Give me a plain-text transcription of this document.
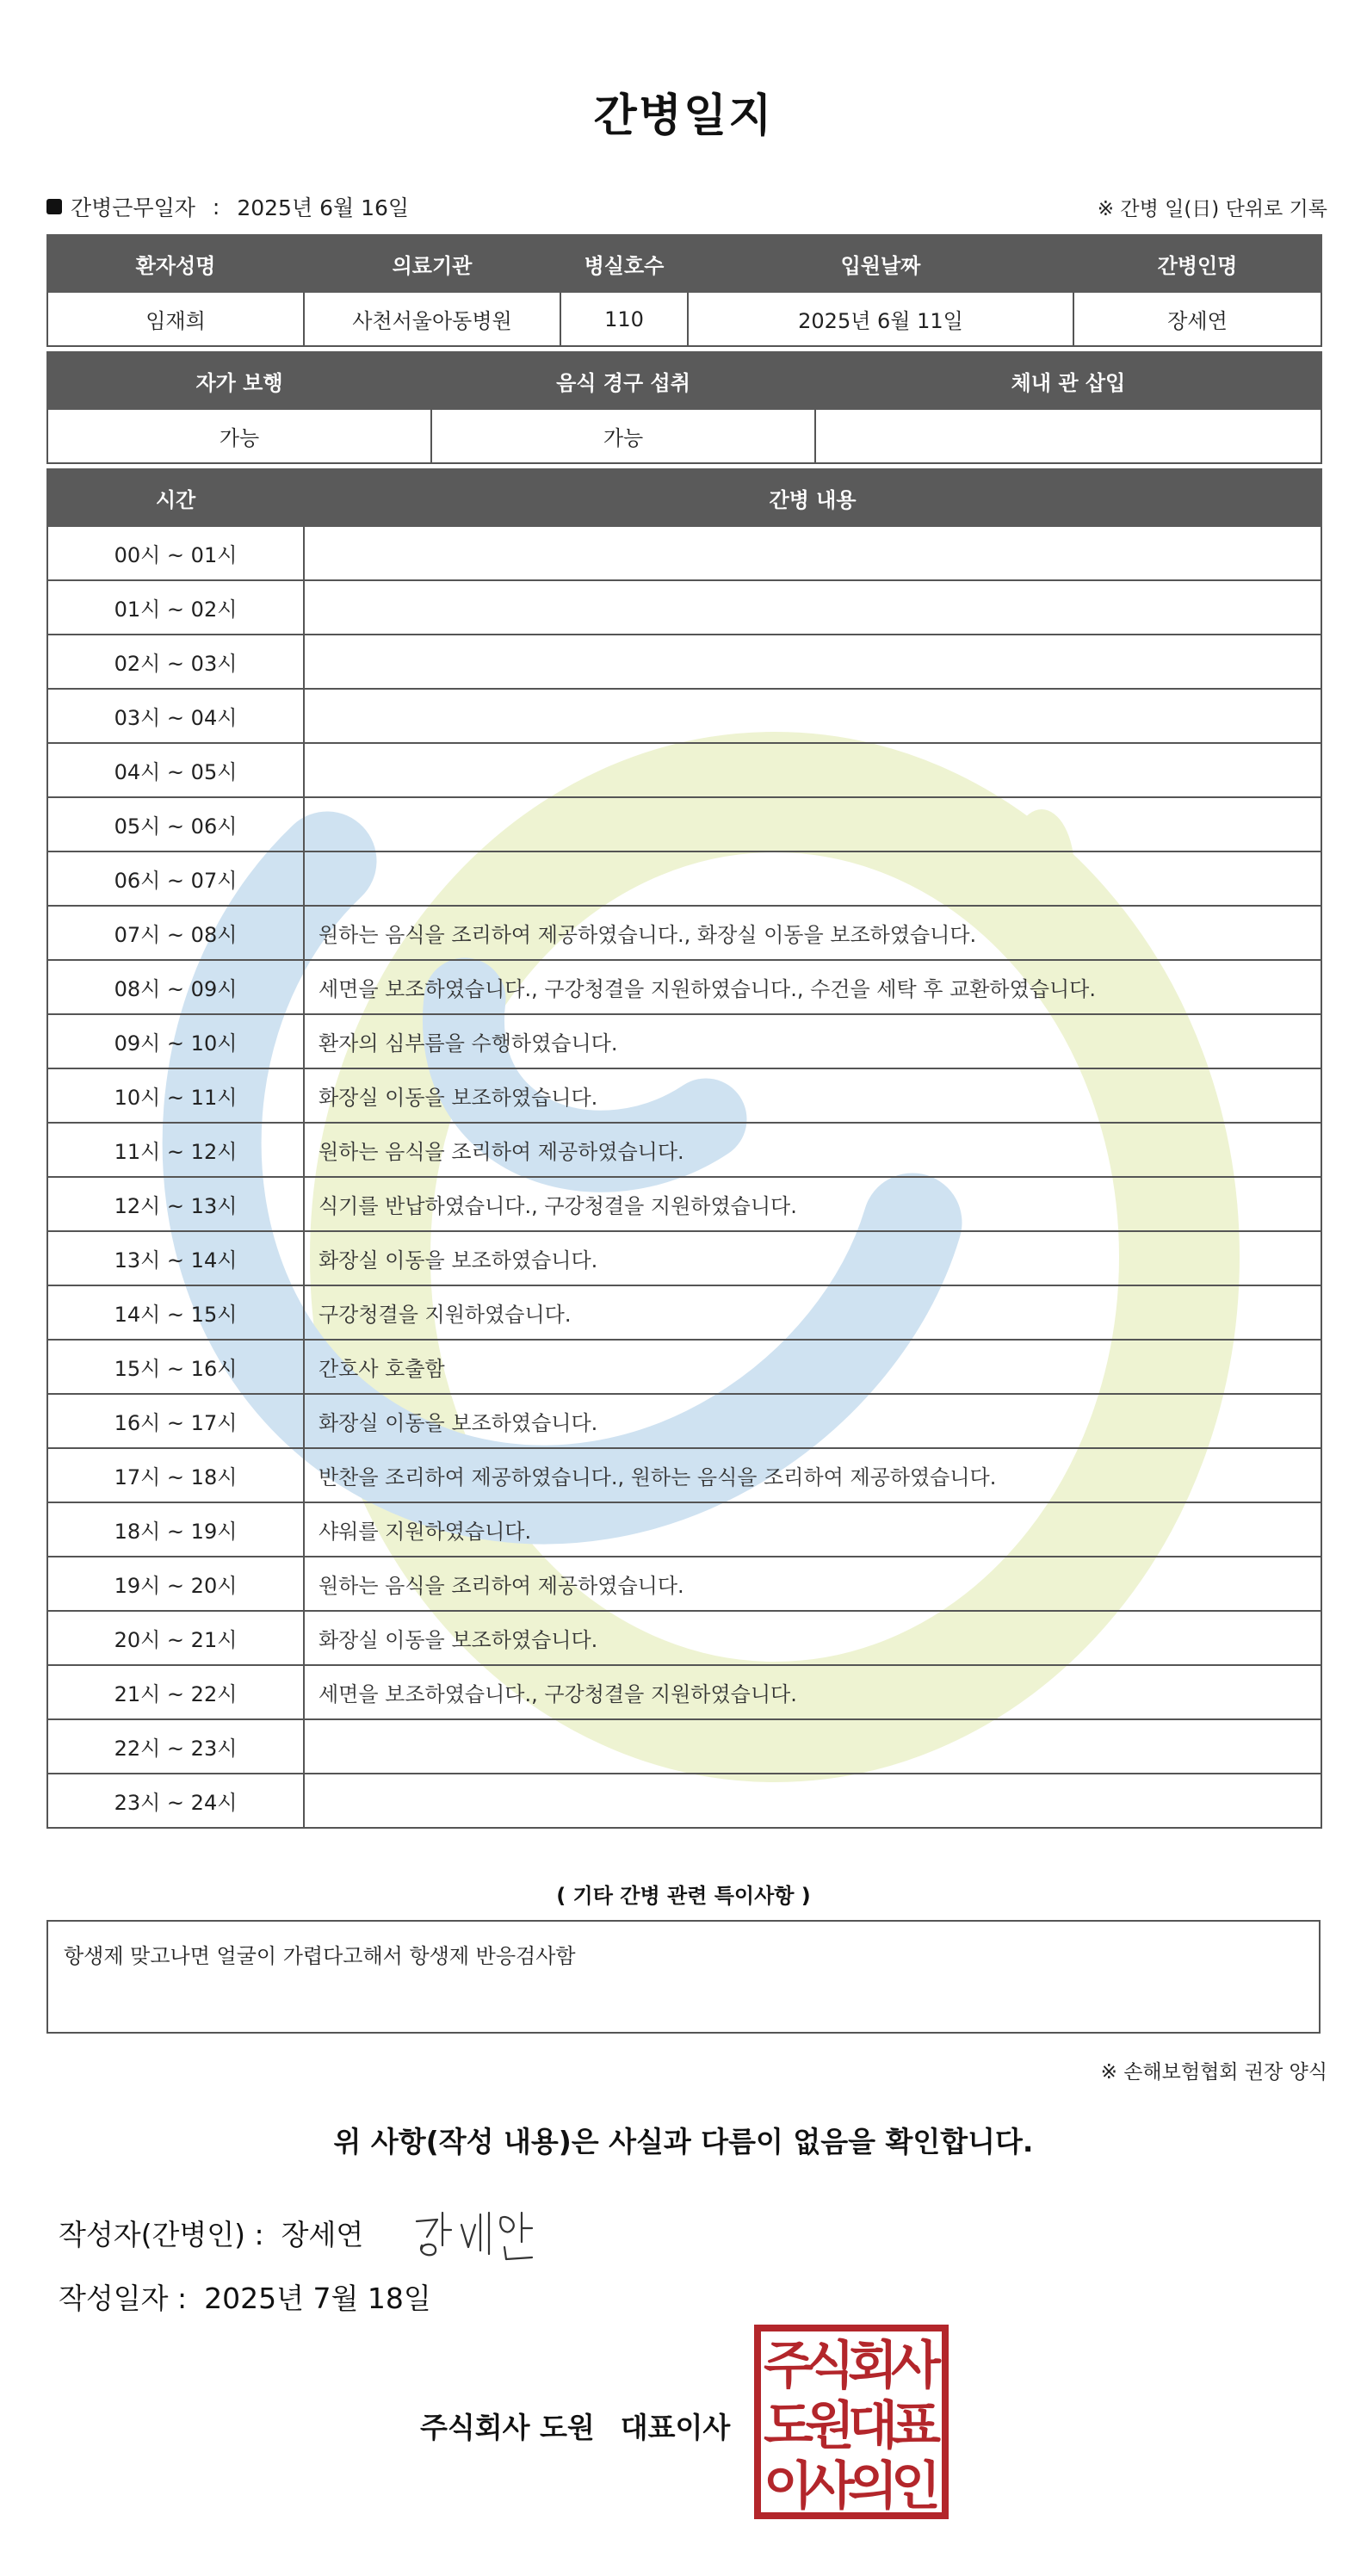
간병일지
간병근무일자 : 2025년 6월 16일	※ 간병 일(日) 단위로 기록
환자성명	의료기관	병실호수	입원날짜	간병인명
임재희	사천서울아동병원	110	2025년 6월 11일	장세연
자가 보행	음식 경구 섭취	체내 관 삽입
가능	가능	
시간	간병 내용
00시 ~ 01시	
01시 ~ 02시	
02시 ~ 03시	
03시 ~ 04시	
04시 ~ 05시	
05시 ~ 06시	
06시 ~ 07시	
07시 ~ 08시	원하는 음식을 조리하여 제공하였습니다., 화장실 이동을 보조하였습니다.
08시 ~ 09시	세면을 보조하였습니다., 구강청결을 지원하였습니다., 수건을 세탁 후 교환하였습니다.
09시 ~ 10시	환자의 심부름을 수행하였습니다.
10시 ~ 11시	화장실 이동을 보조하였습니다.
11시 ~ 12시	원하는 음식을 조리하여 제공하였습니다.
12시 ~ 13시	식기를 반납하였습니다., 구강청결을 지원하였습니다.
13시 ~ 14시	화장실 이동을 보조하였습니다.
14시 ~ 15시	구강청결을 지원하였습니다.
15시 ~ 16시	간호사 호출함
16시 ~ 17시	화장실 이동을 보조하였습니다.
17시 ~ 18시	반찬을 조리하여 제공하였습니다., 원하는 음식을 조리하여 제공하였습니다.
18시 ~ 19시	샤워를 지원하였습니다.
19시 ~ 20시	원하는 음식을 조리하여 제공하였습니다.
20시 ~ 21시	화장실 이동을 보조하였습니다.
21시 ~ 22시	세면을 보조하였습니다., 구강청결을 지원하였습니다.
22시 ~ 23시	
23시 ~ 24시	
( 기타 간병 관련 특이사항 )
항생제 맞고나면 얼굴이 가렵다고해서 항생제 반응검사함
※ 손해보험협회 권장 양식
위 사항(작성 내용)은 사실과 다름이 없음을 확인합니다.
작성자(간병인) : 장세연
작성일자 : 2025년 7월 18일
주식회사 도원 대표이사
주
식
회
사
도
원
대
표
이
사
의
인
